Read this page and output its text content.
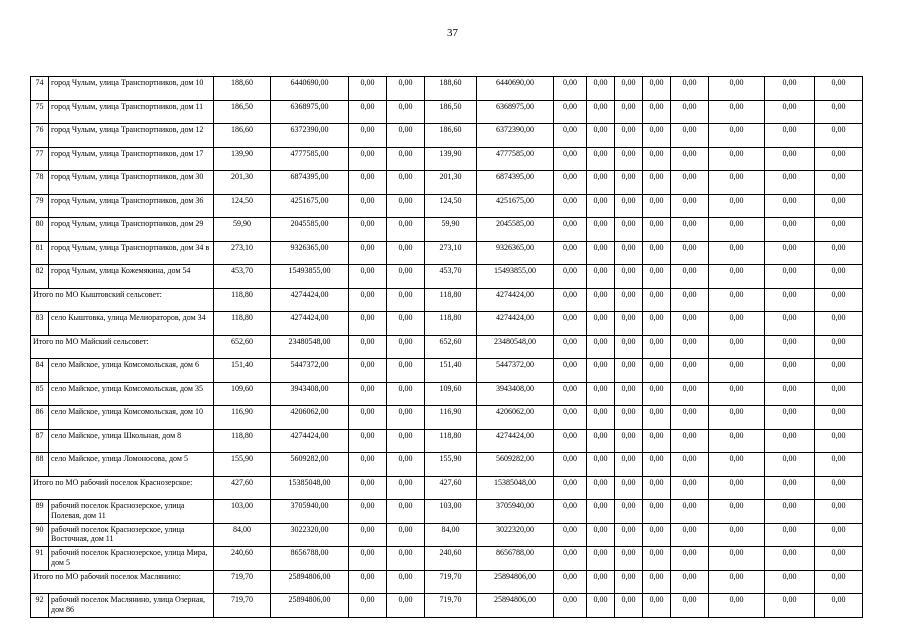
37
74	город Чулым, улица Транспортников, дом 10	188,60	6440690,00	0,00	0,00	188,60	6440690,00	0,00	0,00	0,00	0,00	0,00	0,00	0,00	0,00
75	город Чулым, улица Транспортников, дом 11	186,50	6368975,00	0,00	0,00	186,50	6368975,00	0,00	0,00	0,00	0,00	0,00	0,00	0,00	0,00
76	город Чулым, улица Транспортников, дом 12	186,60	6372390,00	0,00	0,00	186,60	6372390,00	0,00	0,00	0,00	0,00	0,00	0,00	0,00	0,00
77	город Чулым, улица Транспортников, дом 17	139,90	4777585,00	0,00	0,00	139,90	4777585,00	0,00	0,00	0,00	0,00	0,00	0,00	0,00	0,00
78	город Чулым, улица Транспортников, дом 30	201,30	6874395,00	0,00	0,00	201,30	6874395,00	0,00	0,00	0,00	0,00	0,00	0,00	0,00	0,00
79	город Чулым, улица Транспортников, дом 36	124,50	4251675,00	0,00	0,00	124,50	4251675,00	0,00	0,00	0,00	0,00	0,00	0,00	0,00	0,00
80	город Чулым, улица Транспортников, дом 29	59,90	2045585,00	0,00	0,00	59,90	2045585,00	0,00	0,00	0,00	0,00	0,00	0,00	0,00	0,00
81	город Чулым, улица Транспортников, дом 34 в	273,10	9326365,00	0,00	0,00	273,10	9326365,00	0,00	0,00	0,00	0,00	0,00	0,00	0,00	0,00
82	город Чулым, улица Кожемякина, дом 54	453,70	15493855,00	0,00	0,00	453,70	15493855,00	0,00	0,00	0,00	0,00	0,00	0,00	0,00	0,00
Итого по МО Кыштовский сельсовет:		118,80	4274424,00	0,00	0,00	118,80	4274424,00	0,00	0,00	0,00	0,00	0,00	0,00	0,00	0,00
83	село Кыштовка, улица Мелиораторов, дом 34	118,80	4274424,00	0,00	0,00	118,80	4274424,00	0,00	0,00	0,00	0,00	0,00	0,00	0,00	0,00
Итого по МО Майский сельсовет:		652,60	23480548,00	0,00	0,00	652,60	23480548,00	0,00	0,00	0,00	0,00	0,00	0,00	0,00	0,00
84	село Майское, улица Комсомольская, дом 6	151,40	5447372,00	0,00	0,00	151,40	5447372,00	0,00	0,00	0,00	0,00	0,00	0,00	0,00	0,00
85	село Майское, улица Комсомольская, дом 35	109,60	3943408,00	0,00	0,00	109,60	3943408,00	0,00	0,00	0,00	0,00	0,00	0,00	0,00	0,00
86	село Майское, улица Комсомольская, дом 10	116,90	4206062,00	0,00	0,00	116,90	4206062,00	0,00	0,00	0,00	0,00	0,00	0,00	0,00	0,00
87	село Майское, улица Школьная, дом 8	118,80	4274424,00	0,00	0,00	118,80	4274424,00	0,00	0,00	0,00	0,00	0,00	0,00	0,00	0,00
88	село Майское, улица Ломоносова, дом 5	155,90	5609282,00	0,00	0,00	155,90	5609282,00	0,00	0,00	0,00	0,00	0,00	0,00	0,00	0,00
Итого по МО рабочий поселок Краснозерское:		427,60	15385048,00	0,00	0,00	427,60	15385048,00	0,00	0,00	0,00	0,00	0,00	0,00	0,00	0,00
89	рабочий поселок Краснозерское, улица Полевая, дом 11	103,00	3705940,00	0,00	0,00	103,00	3705940,00	0,00	0,00	0,00	0,00	0,00	0,00	0,00	0,00
90	рабочий поселок Краснозерское, улица Восточная, дом 11	84,00	3022320,00	0,00	0,00	84,00	3022320,00	0,00	0,00	0,00	0,00	0,00	0,00	0,00	0,00
91	рабочий поселок Краснозерское, улица Мира, дом 5	240,60	8656788,00	0,00	0,00	240,60	8656788,00	0,00	0,00	0,00	0,00	0,00	0,00	0,00	0,00
Итого по МО рабочий поселок Маслянино:		719,70	25894806,00	0,00	0,00	719,70	25894806,00	0,00	0,00	0,00	0,00	0,00	0,00	0,00	0,00
92	рабочий поселок Маслянино, улица Озерная, дом 86	719,70	25894806,00	0,00	0,00	719,70	25894806,00	0,00	0,00	0,00	0,00	0,00	0,00	0,00	0,00
